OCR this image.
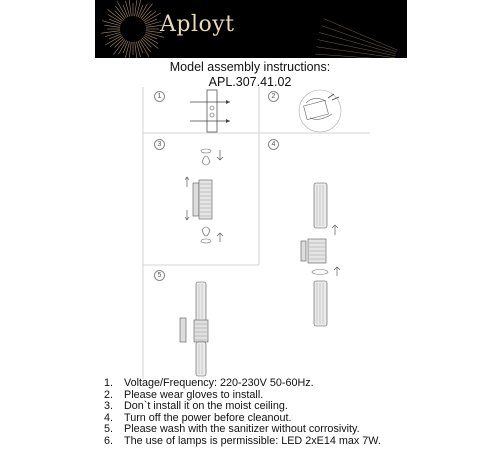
Aployt
Model assembly instructions:
APL.307.41.02
1	2
3	4
5
1. Voltage/Frequency: 220-230V 50-60Hz.
2. Please wear gloves to install.
3. Don`t install it on the moist ceiling.
4. Turn off the power before cleanout.
5. Please wash with the sanitizer without corrosivity.
6. The use of lamps is permissible: LED 2xE14 max 7W.
